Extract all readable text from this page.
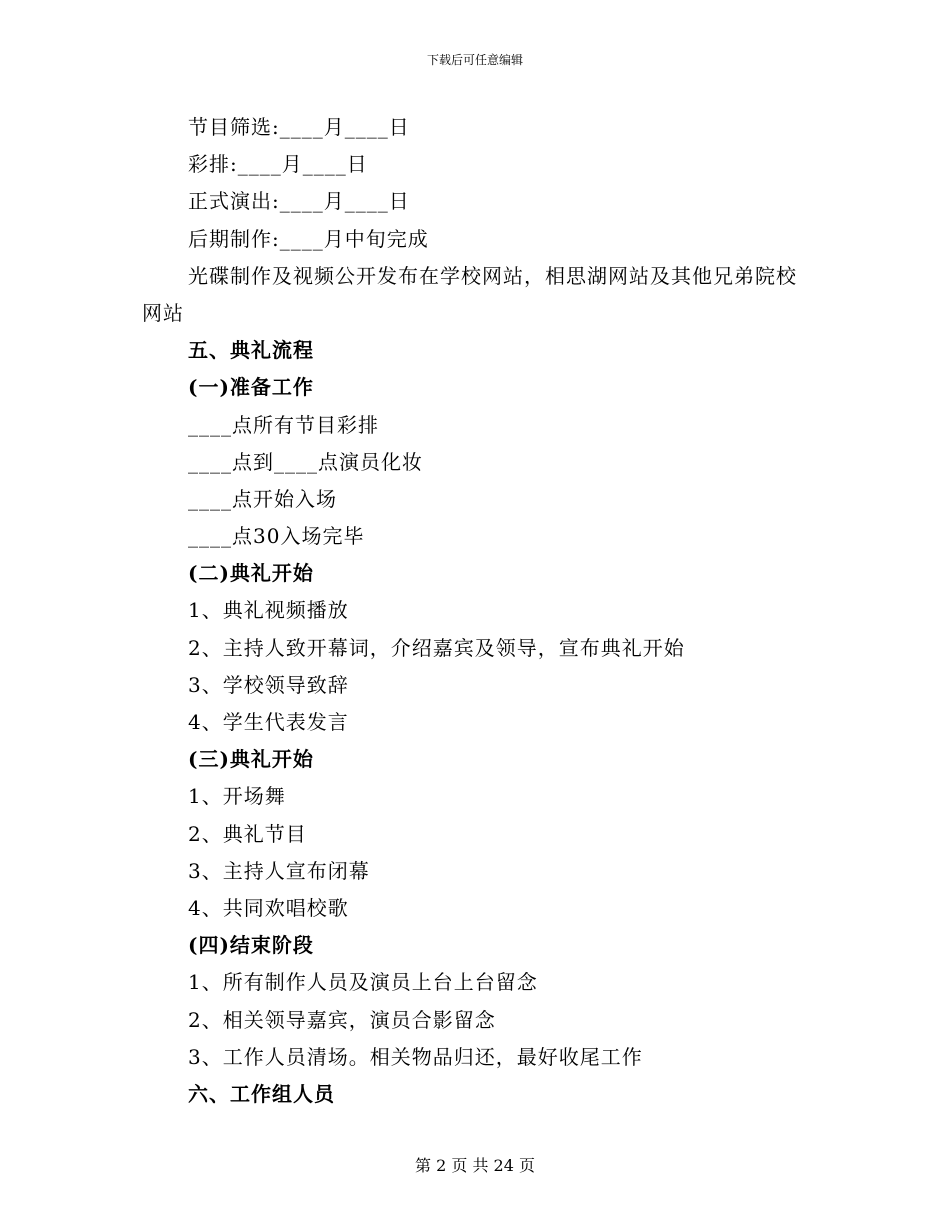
下载后可任意编辑
节目筛选:____月____日
彩排:____月____日
正式演出:____月____日
后期制作:____月中旬完成
光碟制作及视频公开发布在学校网站，相思湖网站及其他兄弟院校网站
五、典礼流程
(一)准备工作
____点所有节目彩排
____点到____点演员化妆
____点开始入场
____点30入场完毕
(二)典礼开始
1、典礼视频播放
2、主持人致开幕词，介绍嘉宾及领导，宣布典礼开始
3、学校领导致辞
4、学生代表发言
(三)典礼开始
1、开场舞
2、典礼节目
3、主持人宣布闭幕
4、共同欢唱校歌
(四)结束阶段
1、所有制作人员及演员上台上台留念
2、相关领导嘉宾，演员合影留念
3、工作人员清场。相关物品归还，最好收尾工作
六、工作组人员
第 2 页 共 24 页
